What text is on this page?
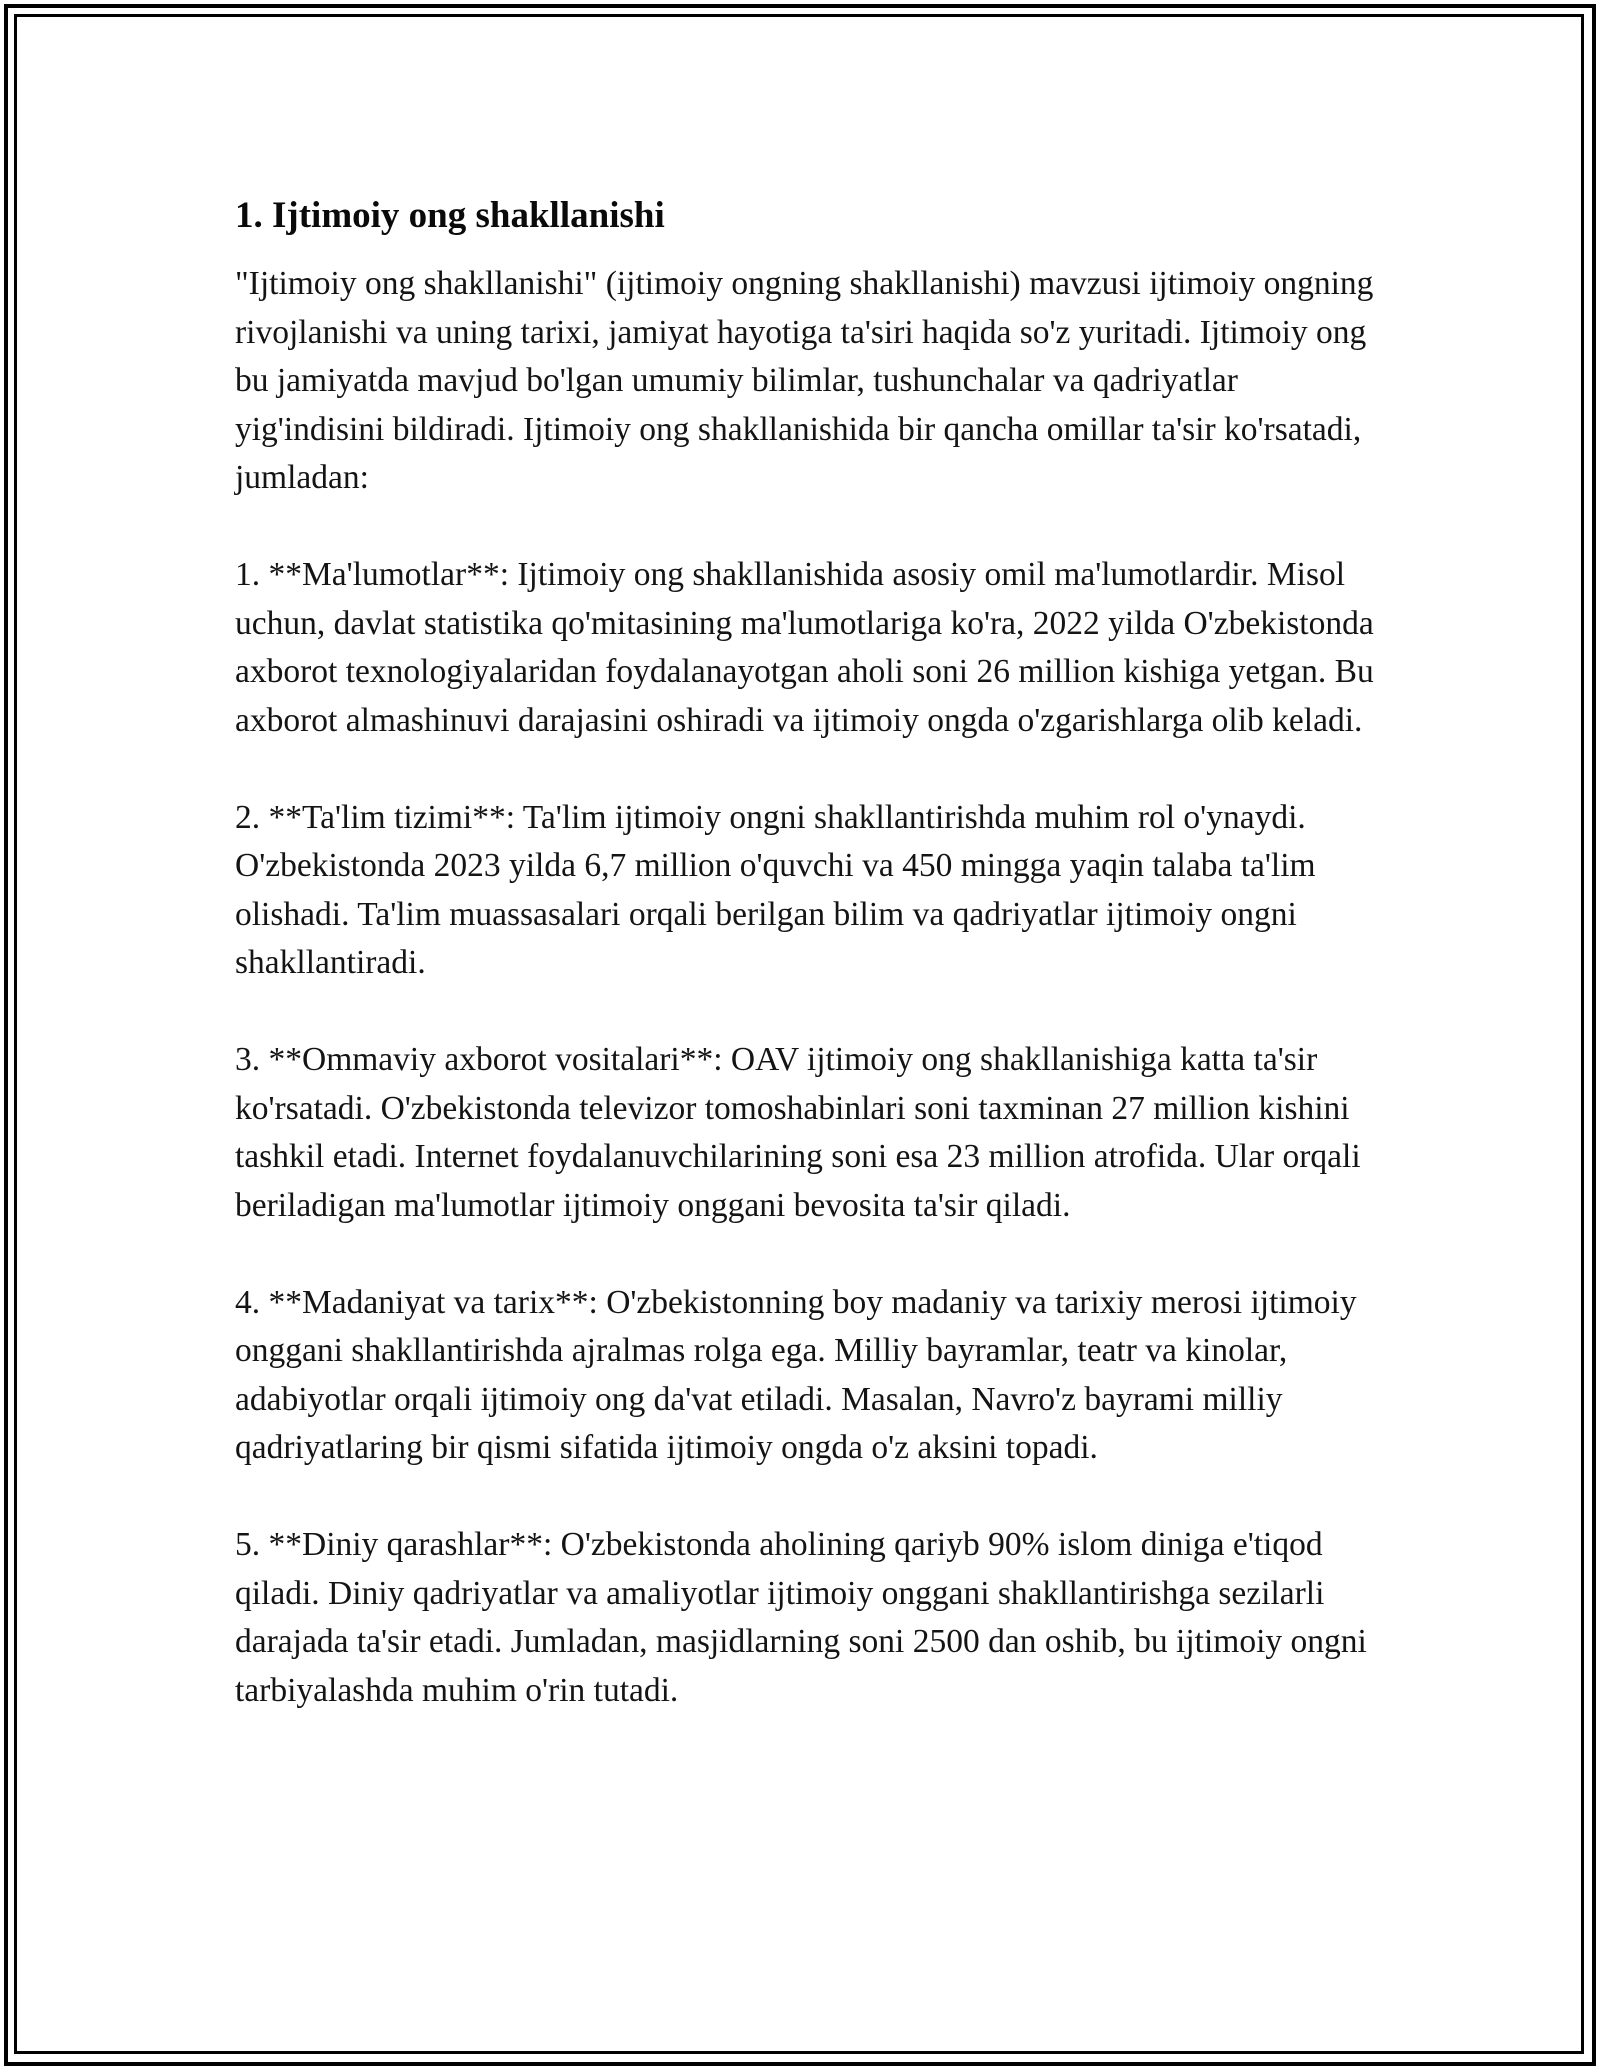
1. Ijtimoiy ong shakllanishi

"Ijtimoiy ong shakllanishi" (ijtimoiy ongning shakllanishi) mavzusi ijtimoiy ongning rivojlanishi va uning tarixi, jamiyat hayotiga ta'siri haqida so'z yuritadi. Ijtimoiy ong bu jamiyatda mavjud bo'lgan umumiy bilimlar, tushunchalar va qadriyatlar yig'indisini bildiradi. Ijtimoiy ong shakllanishida bir qancha omillar ta'sir ko'rsatadi, jumladan:

1. **Ma'lumotlar**: Ijtimoiy ong shakllanishida asosiy omil ma'lumotlardir. Misol uchun, davlat statistika qo'mitasining ma'lumotlariga ko'ra, 2022 yilda O'zbekistonda axborot texnologiyalaridan foydalanayotgan aholi soni 26 million kishiga yetgan. Bu axborot almashinuvi darajasini oshiradi va ijtimoiy ongda o'zgarishlarga olib keladi.

2. **Ta'lim tizimi**: Ta'lim ijtimoiy ongni shakllantirishda muhim rol o'ynaydi. O'zbekistonda 2023 yilda 6,7 million o'quvchi va 450 mingga yaqin talaba ta'lim olishadi. Ta'lim muassasalari orqali berilgan bilim va qadriyatlar ijtimoiy ongni shakllantiradi.

3. **Ommaviy axborot vositalari**: OAV ijtimoiy ong shakllanishiga katta ta'sir ko'rsatadi. O'zbekistonda televizor tomoshabinlari soni taxminan 27 million kishini tashkil etadi. Internet foydalanuvchilarining soni esa 23 million atrofida. Ular orqali beriladigan ma'lumotlar ijtimoiy onggani bevosita ta'sir qiladi.

4. **Madaniyat va tarix**: O'zbekistonning boy madaniy va tarixiy merosi ijtimoiy onggani shakllantirishda ajralmas rolga ega. Milliy bayramlar, teatr va kinolar, adabiyotlar orqali ijtimoiy ong da'vat etiladi. Masalan, Navro'z bayrami milliy qadriyatlaring bir qismi sifatida ijtimoiy ongda o'z aksini topadi.

5. **Diniy qarashlar**: O'zbekistonda aholining qariyb 90% islom diniga e'tiqod qiladi. Diniy qadriyatlar va amaliyotlar ijtimoiy onggani shakllantirishga sezilarli darajada ta'sir etadi. Jumladan, masjidlarning soni 2500 dan oshib, bu ijtimoiy ongni tarbiyalashda muhim o'rin tutadi.
